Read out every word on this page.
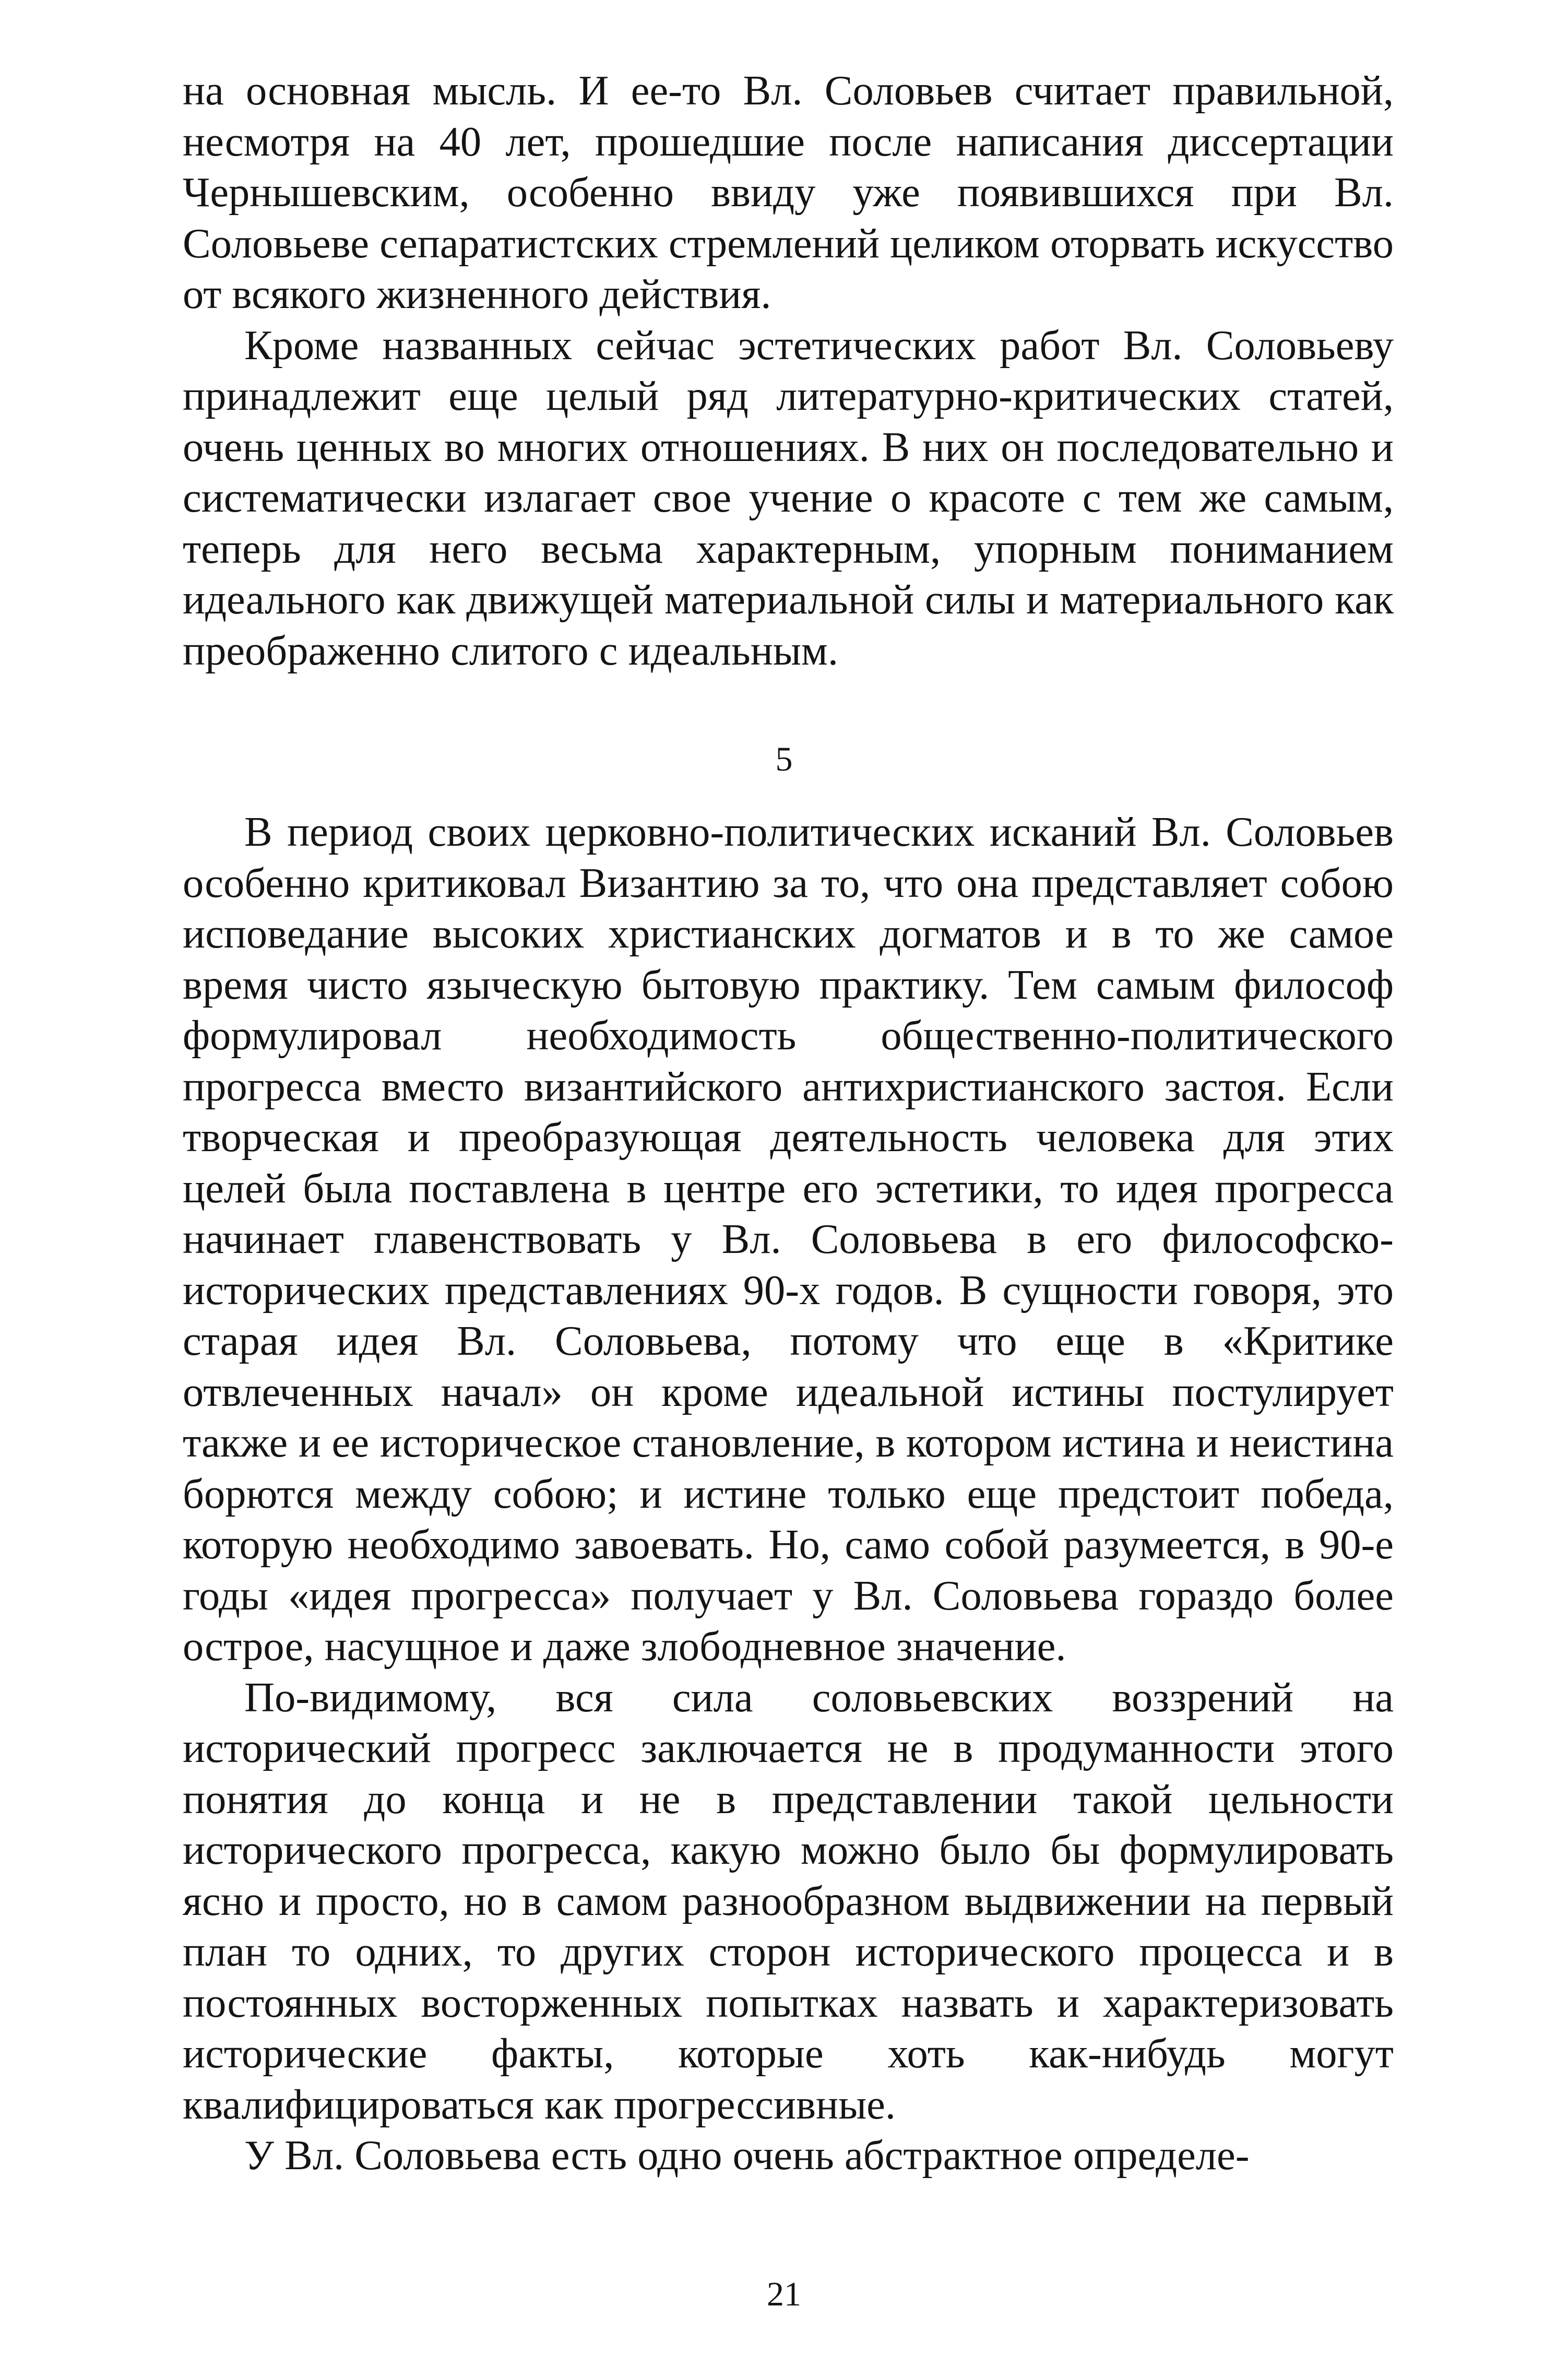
на основная мысль. И ее-то Вл. Соловьев считает правильной, несмотря на 40 лет, прошедшие после написания диссертации Чернышевским, особенно ввиду уже появившихся при Вл. Соловьеве сепаратистских стремлений целиком оторвать искусство от всякого жизненного действия.

Кроме названных сейчас эстетических работ Вл. Соловьеву принадлежит еще целый ряд литературно-критических статей, очень ценных во многих отношениях. В них он последовательно и систематически излагает свое учение о красоте с тем же самым, теперь для него весьма характерным, упорным пониманием идеального как движущей материальной силы и материального как преображенно слитого с идеальным.

5

В период своих церковно-политических исканий Вл. Соловьев особенно критиковал Византию за то, что она представляет собою исповедание высоких христианских догматов и в то же самое время чисто языческую бытовую практику. Тем самым философ формулировал необходимость общественно-политического прогресса вместо византийского антихристианского застоя. Если творческая и преобразующая деятельность человека для этих целей была поставлена в центре его эстетики, то идея прогресса начинает главенствовать у Вл. Соловьева в его философско-исторических представлениях 90-х годов. В сущности говоря, это старая идея Вл. Соловьева, потому что еще в «Критике отвлеченных начал» он кроме идеальной истины постулирует также и ее историческое становление, в котором истина и неистина борются между собою; и истине только еще предстоит победа, которую необходимо завоевать. Но, само собой разумеется, в 90-е годы «идея прогресса» получает у Вл. Соловьева гораздо более острое, насущное и даже злободневное значение.

По-видимому, вся сила соловьевских воззрений на исторический прогресс заключается не в продуманности этого понятия до конца и не в представлении такой цельности исторического прогресса, какую можно было бы формулировать ясно и просто, но в самом разнообразном выдвижении на первый план то одних, то других сторон исторического процесса и в постоянных восторженных попытках назвать и характеризовать исторические факты, которые хоть как-нибудь могут квалифицироваться как прогрессивные.

У Вл. Соловьева есть одно очень абстрактное определе-

21
